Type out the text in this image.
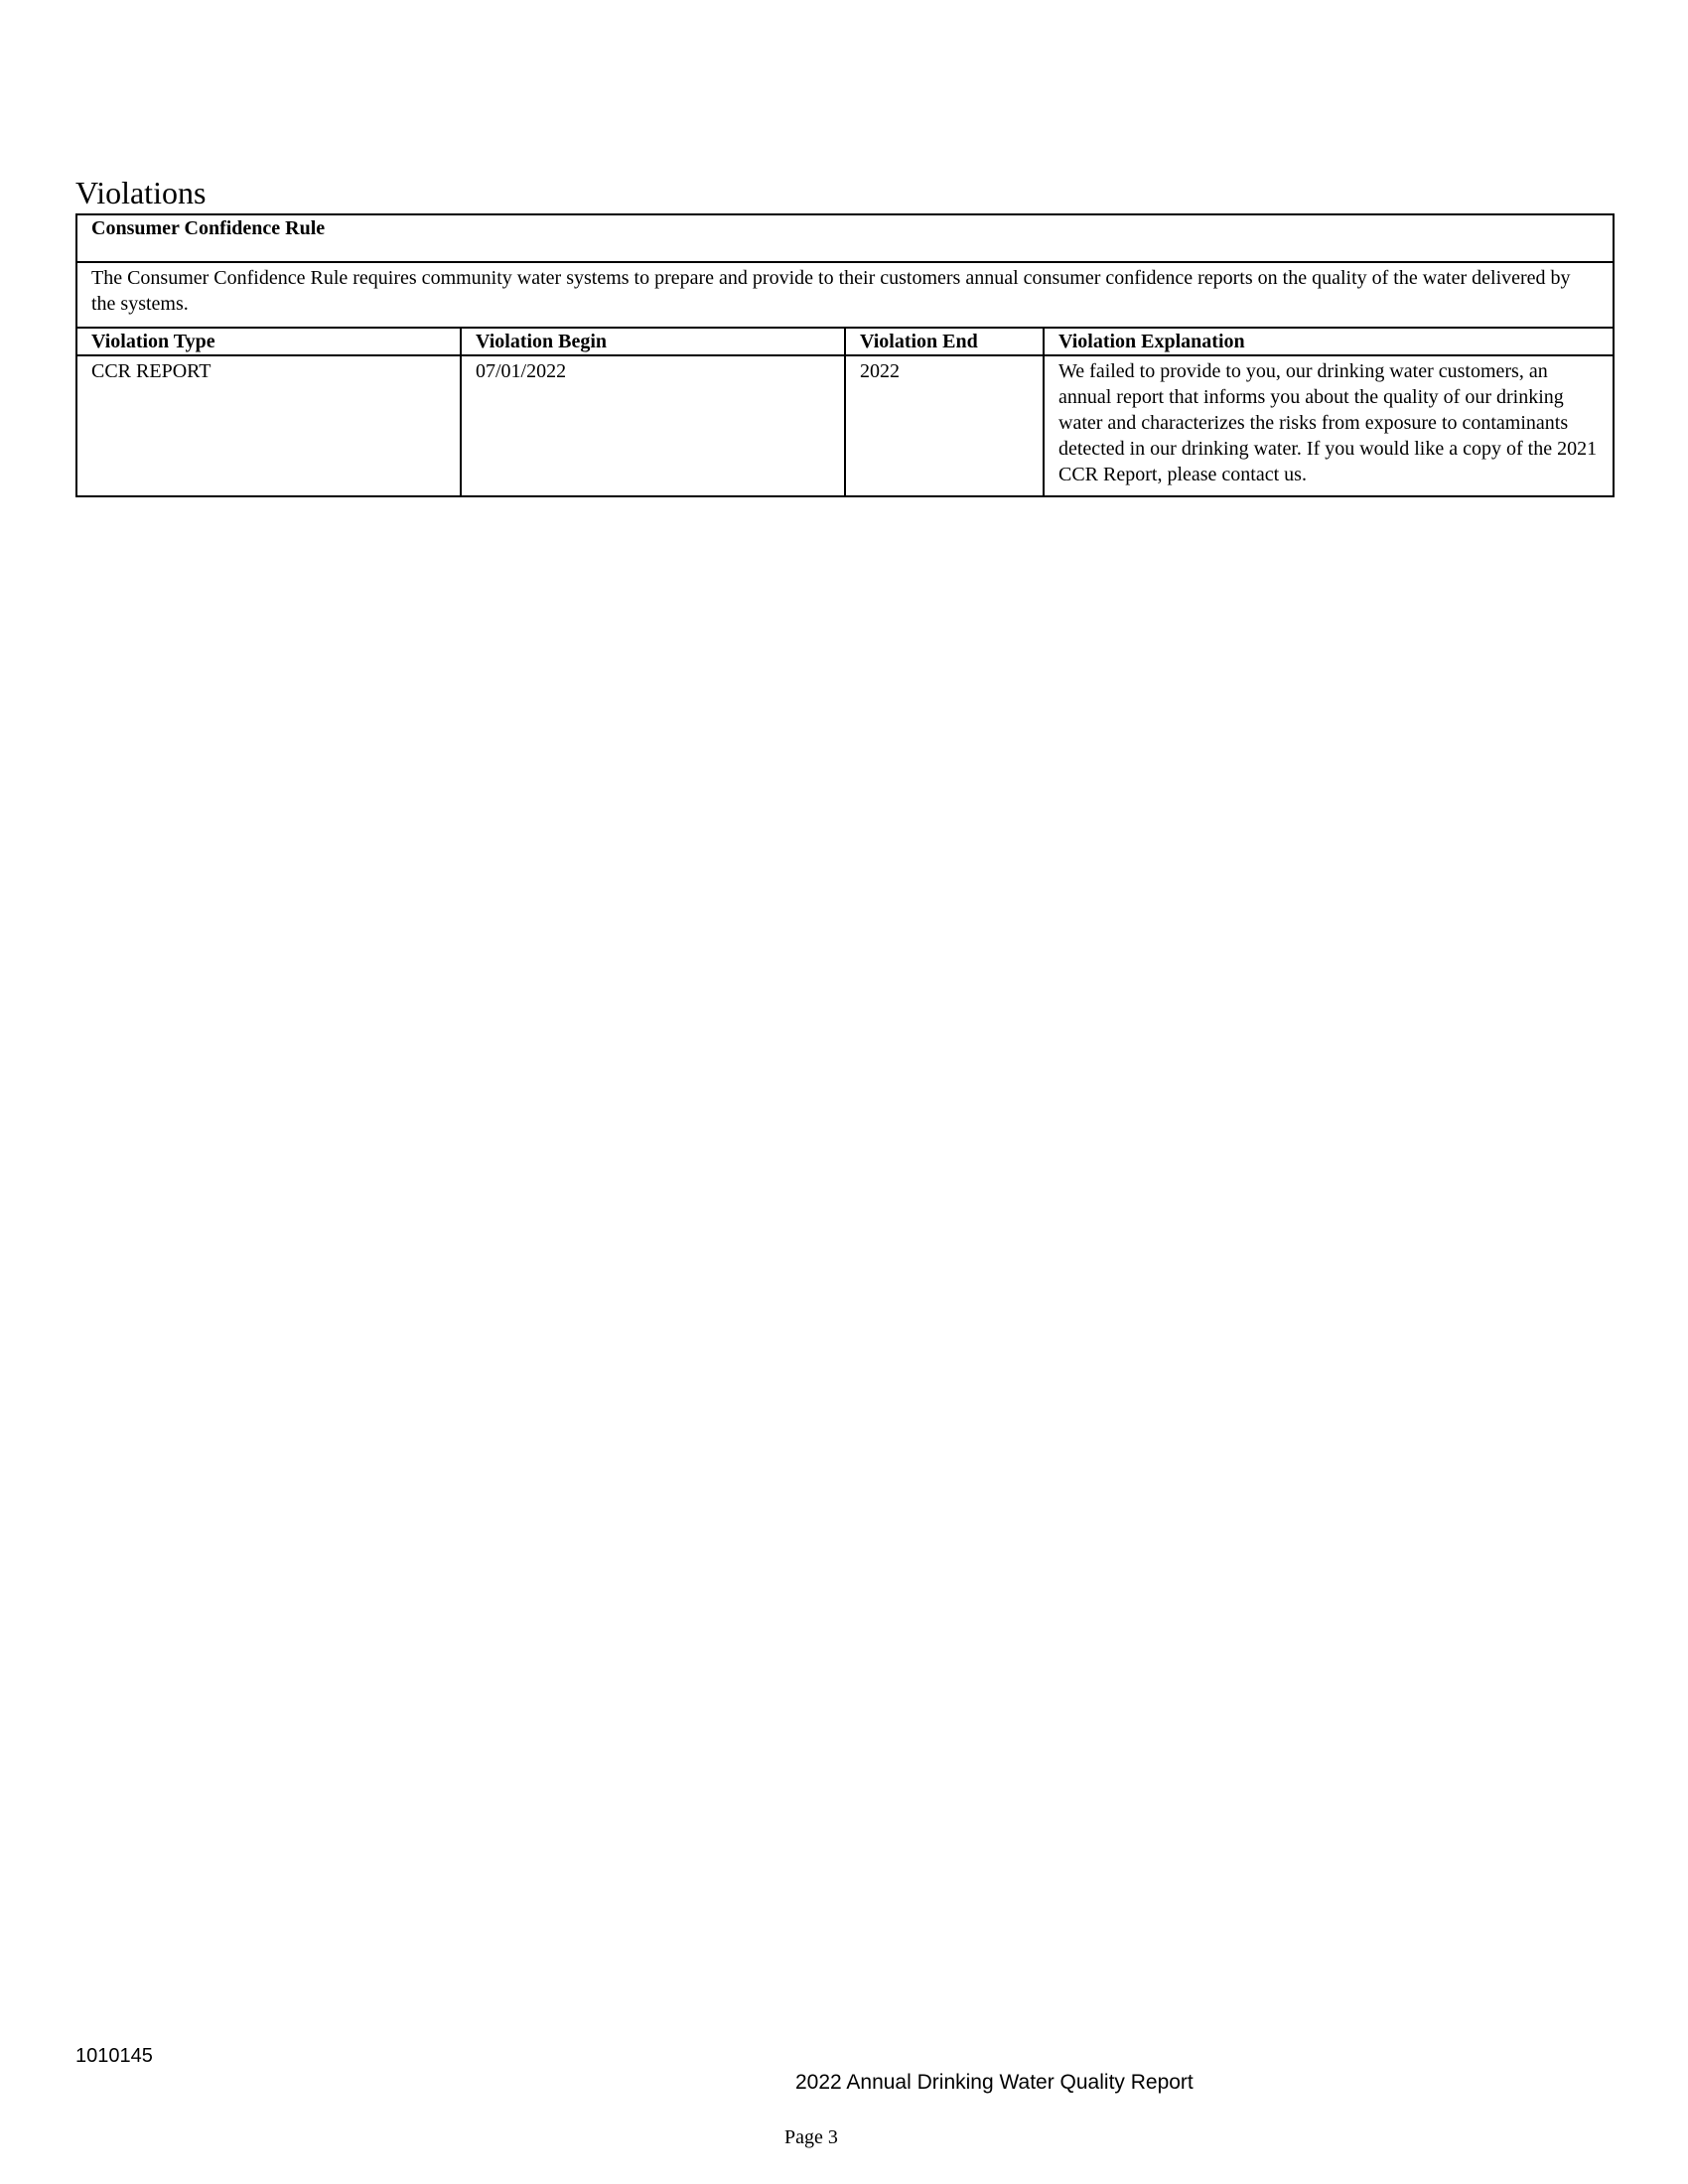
Violations
Consumer Confidence Rule			
The Consumer Confidence Rule requires community water systems to prepare and provide to their customers annual consumer confidence reports on the quality of the water delivered by the systems.			
Violation Type	Violation Begin	Violation End	Violation Explanation
CCR REPORT	07/01/2022	2022	We failed to provide to you, our drinking water customers, an annual report that informs you about the quality of our drinking water and characterizes the risks from exposure to contaminants detected in our drinking water. If you would like a copy of the 2021 CCR Report, please contact us.
1010145
2022 Annual Drinking Water Quality Report
Page 3
